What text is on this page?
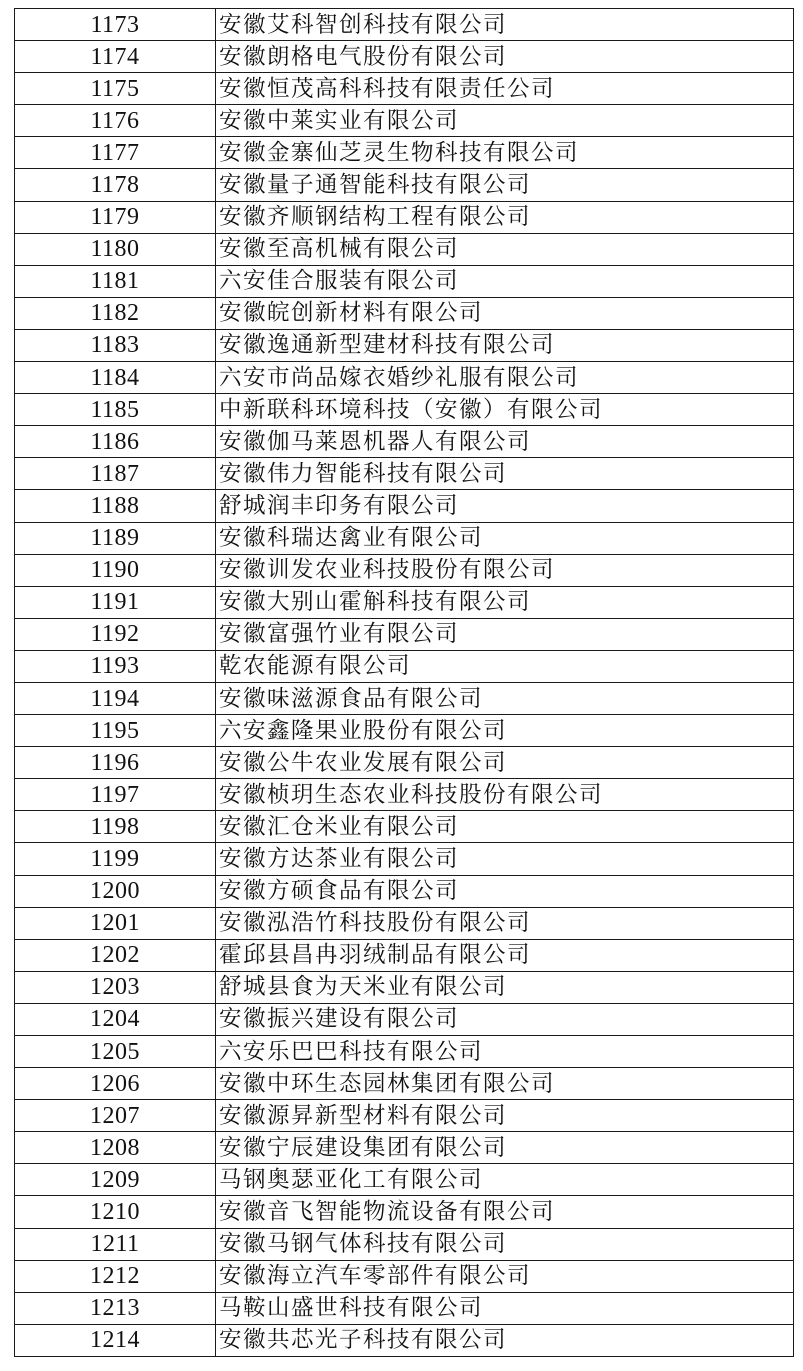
1173	安徽艾科智创科技有限公司
1174	安徽朗格电气股份有限公司
1175	安徽恒茂高科科技有限责任公司
1176	安徽中莱实业有限公司
1177	安徽金寨仙芝灵生物科技有限公司
1178	安徽量子通智能科技有限公司
1179	安徽齐顺钢结构工程有限公司
1180	安徽至高机械有限公司
1181	六安佳合服装有限公司
1182	安徽皖创新材料有限公司
1183	安徽逸通新型建材科技有限公司
1184	六安市尚品嫁衣婚纱礼服有限公司
1185	中新联科环境科技（安徽）有限公司
1186	安徽伽马莱恩机器人有限公司
1187	安徽伟力智能科技有限公司
1188	舒城润丰印务有限公司
1189	安徽科瑞达禽业有限公司
1190	安徽训发农业科技股份有限公司
1191	安徽大别山霍斛科技有限公司
1192	安徽富强竹业有限公司
1193	乾农能源有限公司
1194	安徽味滋源食品有限公司
1195	六安鑫隆果业股份有限公司
1196	安徽公牛农业发展有限公司
1197	安徽桢玥生态农业科技股份有限公司
1198	安徽汇仓米业有限公司
1199	安徽方达茶业有限公司
1200	安徽方硕食品有限公司
1201	安徽泓浩竹科技股份有限公司
1202	霍邱县昌冉羽绒制品有限公司
1203	舒城县食为天米业有限公司
1204	安徽振兴建设有限公司
1205	六安乐巴巴科技有限公司
1206	安徽中环生态园林集团有限公司
1207	安徽源昇新型材料有限公司
1208	安徽宁辰建设集团有限公司
1209	马钢奥瑟亚化工有限公司
1210	安徽音飞智能物流设备有限公司
1211	安徽马钢气体科技有限公司
1212	安徽海立汽车零部件有限公司
1213	马鞍山盛世科技有限公司
1214	安徽共芯光子科技有限公司
